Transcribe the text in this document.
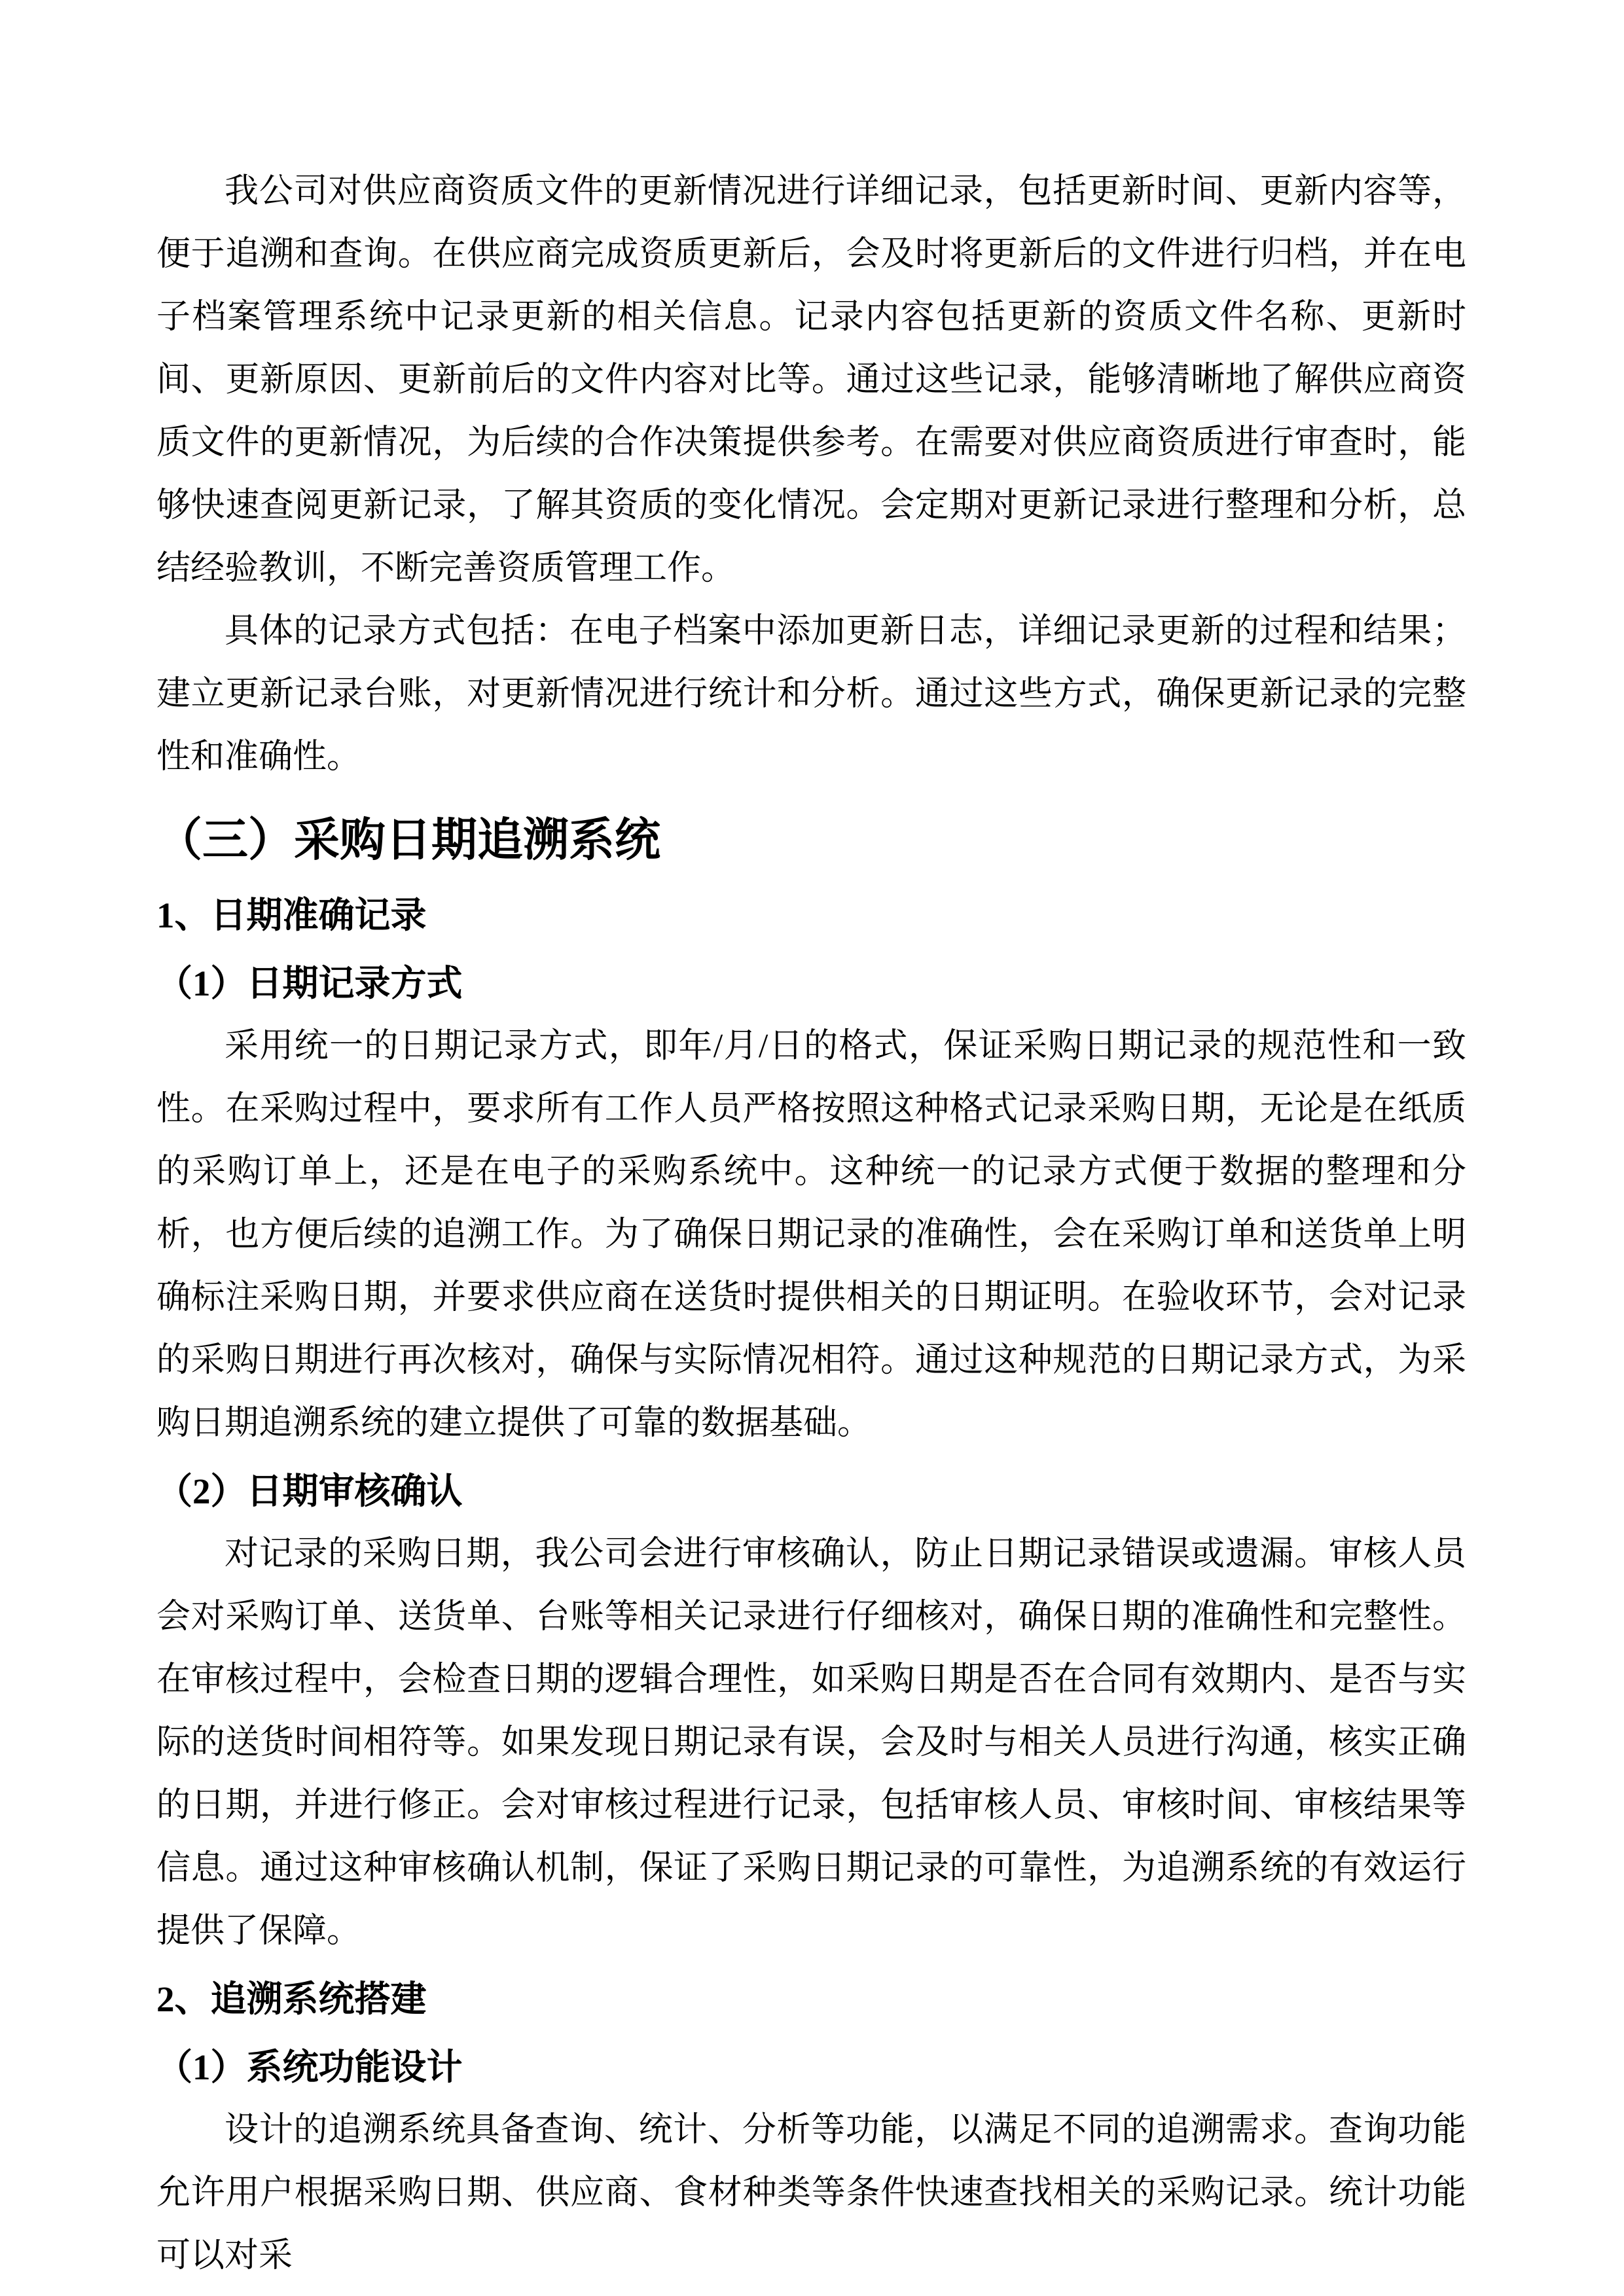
我公司对供应商资质文件的更新情况进行详细记录，包括更新时间、更新内容等，便于追溯和查询。在供应商完成资质更新后，会及时将更新后的文件进行归档，并在电子档案管理系统中记录更新的相关信息。记录内容包括更新的资质文件名称、更新时间、更新原因、更新前后的文件内容对比等。通过这些记录，能够清晰地了解供应商资质文件的更新情况，为后续的合作决策提供参考。在需要对供应商资质进行审查时，能够快速查阅更新记录，了解其资质的变化情况。会定期对更新记录进行整理和分析，总结经验教训，不断完善资质管理工作。

具体的记录方式包括：在电子档案中添加更新日志，详细记录更新的过程和结果；建立更新记录台账，对更新情况进行统计和分析。通过这些方式，确保更新记录的完整性和准确性。

（三）采购日期追溯系统
1、日期准确记录
（1）日期记录方式

采用统一的日期记录方式，即年/月/日的格式，保证采购日期记录的规范性和一致性。在采购过程中，要求所有工作人员严格按照这种格式记录采购日期，无论是在纸质的采购订单上，还是在电子的采购系统中。这种统一的记录方式便于数据的整理和分析，也方便后续的追溯工作。为了确保日期记录的准确性，会在采购订单和送货单上明确标注采购日期，并要求供应商在送货时提供相关的日期证明。在验收环节，会对记录的采购日期进行再次核对，确保与实际情况相符。通过这种规范的日期记录方式，为采购日期追溯系统的建立提供了可靠的数据基础。

（2）日期审核确认

对记录的采购日期，我公司会进行审核确认，防止日期记录错误或遗漏。审核人员会对采购订单、送货单、台账等相关记录进行仔细核对，确保日期的准确性和完整性。在审核过程中，会检查日期的逻辑合理性，如采购日期是否在合同有效期内、是否与实际的送货时间相符等。如果发现日期记录有误，会及时与相关人员进行沟通，核实正确的日期，并进行修正。会对审核过程进行记录，包括审核人员、审核时间、审核结果等信息。通过这种审核确认机制，保证了采购日期记录的可靠性，为追溯系统的有效运行提供了保障。

2、追溯系统搭建
（1）系统功能设计

设计的追溯系统具备查询、统计、分析等功能，以满足不同的追溯需求。查询功能允许用户根据采购日期、供应商、食材种类等条件快速查找相关的采购记录。统计功能可以对采
